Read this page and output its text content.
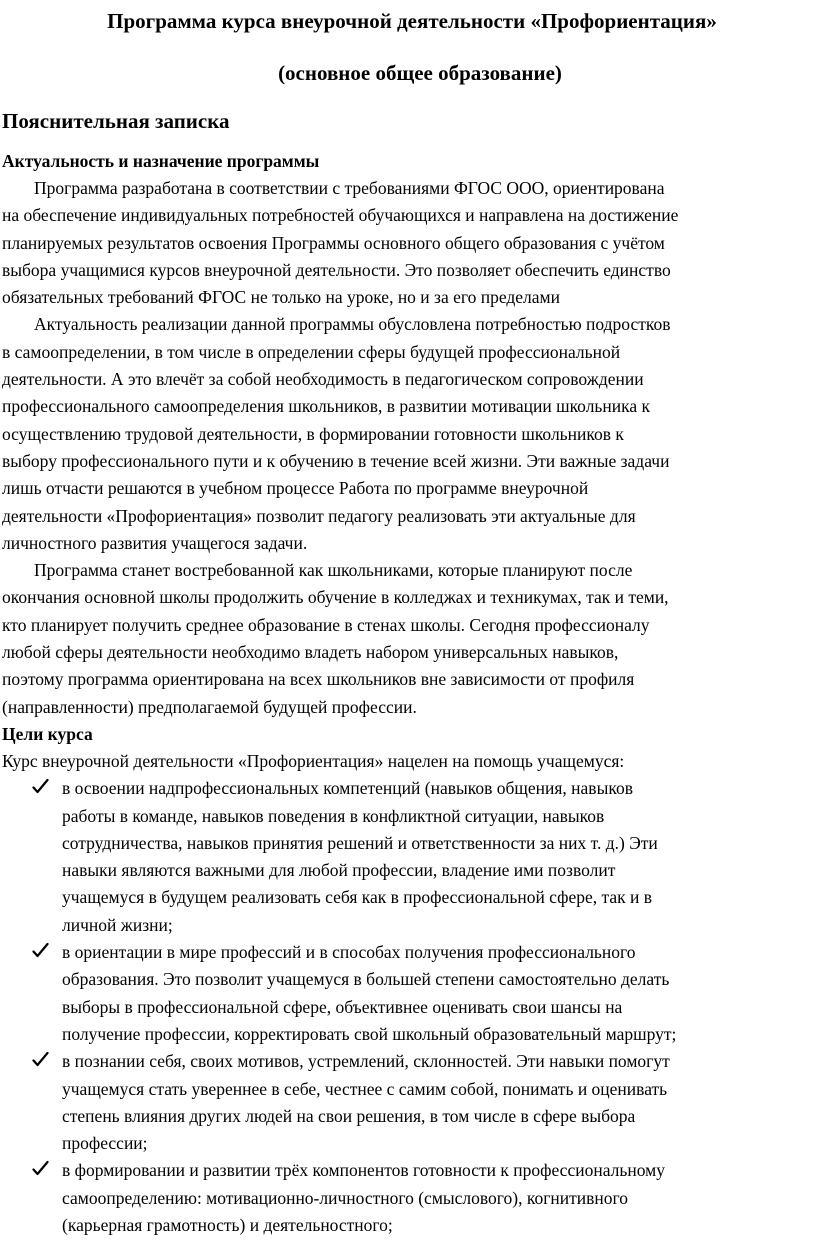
Программа курса внеурочной деятельности «Профориентация»

(основное общее образование)

Пояснительная записка

Актуальность и назначение программы

Программа разработана в соответствии с требованиями ФГОС ООО, ориентирована
на обеспечение индивидуальных потребностей обучающихся и направлена на достижение
планируемых результатов освоения Программы основного общего образования с учётом
выбора учащимися курсов внеурочной деятельности. Это позволяет обеспечить единство
обязательных требований ФГОС не только на уроке, но и за его пределами
Актуальность реализации данной программы обусловлена потребностью подростков
в самоопределении, в том числе в определении сферы будущей профессиональной
деятельности. А это влечёт за собой необходимость в педагогическом сопровождении
профессионального самоопределения школьников, в развитии мотивации школьника к
осуществлению трудовой деятельности, в формировании готовности школьников к
выбору профессионального пути и к обучению в течение всей жизни. Эти важные задачи
лишь отчасти решаются в учебном процессе Работа по программе внеурочной
деятельности «Профориентация» позволит педагогу реализовать эти актуальные для
личностного развития учащегося задачи.
Программа станет востребованной как школьниками, которые планируют после
окончания основной школы продолжить обучение в колледжах и техникумах, так и теми,
кто планирует получить среднее образование в стенах школы. Сегодня профессионалу
любой сферы деятельности необходимо владеть набором универсальных навыков,
поэтому программа ориентирована на всех школьников вне зависимости от профиля
(направленности) предполагаемой будущей профессии.

Цели курса

Курс внеурочной деятельности «Профориентация» нацелен на помощь учащемуся:

в освоении надпрофессиональных компетенций (навыков общения, навыков
работы в команде, навыков поведения в конфликтной ситуации, навыков
сотрудничества, навыков принятия решений и ответственности за них т. д.) Эти
навыки являются важными для любой профессии, владение ими позволит
учащемуся в будущем реализовать себя как в профессиональной сфере, так и в
личной жизни;
в ориентации в мире профессий и в способах получения профессионального
образования. Это позволит учащемуся в большей степени самостоятельно делать
выборы в профессиональной сфере, объективнее оценивать свои шансы на
получение профессии, корректировать свой школьный образовательный маршрут;
в познании себя, своих мотивов, устремлений, склонностей. Эти навыки помогут
учащемуся стать увереннее в себе, честнее с самим собой, понимать и оценивать
степень влияния других людей на свои решения, в том числе в сфере выбора
профессии;
в формировании и развитии трёх компонентов готовности к профессиональному
самоопределению: мотивационно-личностного (смыслового), когнитивного
(карьерная грамотность) и деятельностного;
